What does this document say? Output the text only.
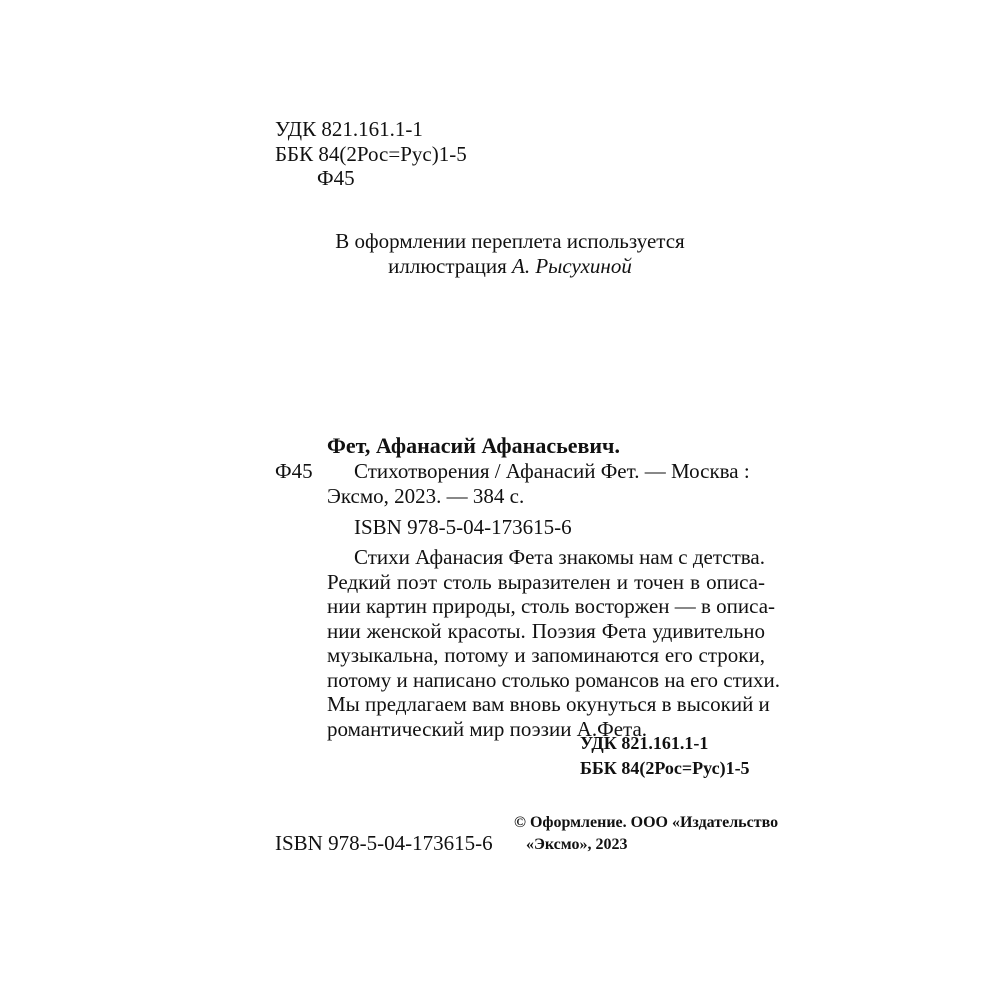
УДК 821.161.1-1
ББК 84(2Рос=Рус)1-5
Ф45
В оформлении переплета используется
иллюстрация А. Рысухиной
Фет, Афанасий Афанасьевич.
Ф45	Стихотворения / Афанасий Фет. — Москва :
Эксмо, 2023. — 384 с.
ISBN 978-5-04-173615-6
Стихи Афанасия Фета знакомы нам с детства.
Редкий поэт столь выразителен и точен в описа-
нии картин природы, столь восторжен — в описа-
нии женской красоты. Поэзия Фета удивительно
музыкальна, потому и запоминаются его строки,
потому и написано столько романсов на его стихи.
Мы предлагаем вам вновь окунуться в высокий и
романтический мир поэзии А.Фета.
УДК 821.161.1-1
ББК 84(2Рос=Рус)1-5
© Оформление. ООО «Издательство
«Эксмо», 2023
ISBN 978-5-04-173615-6
